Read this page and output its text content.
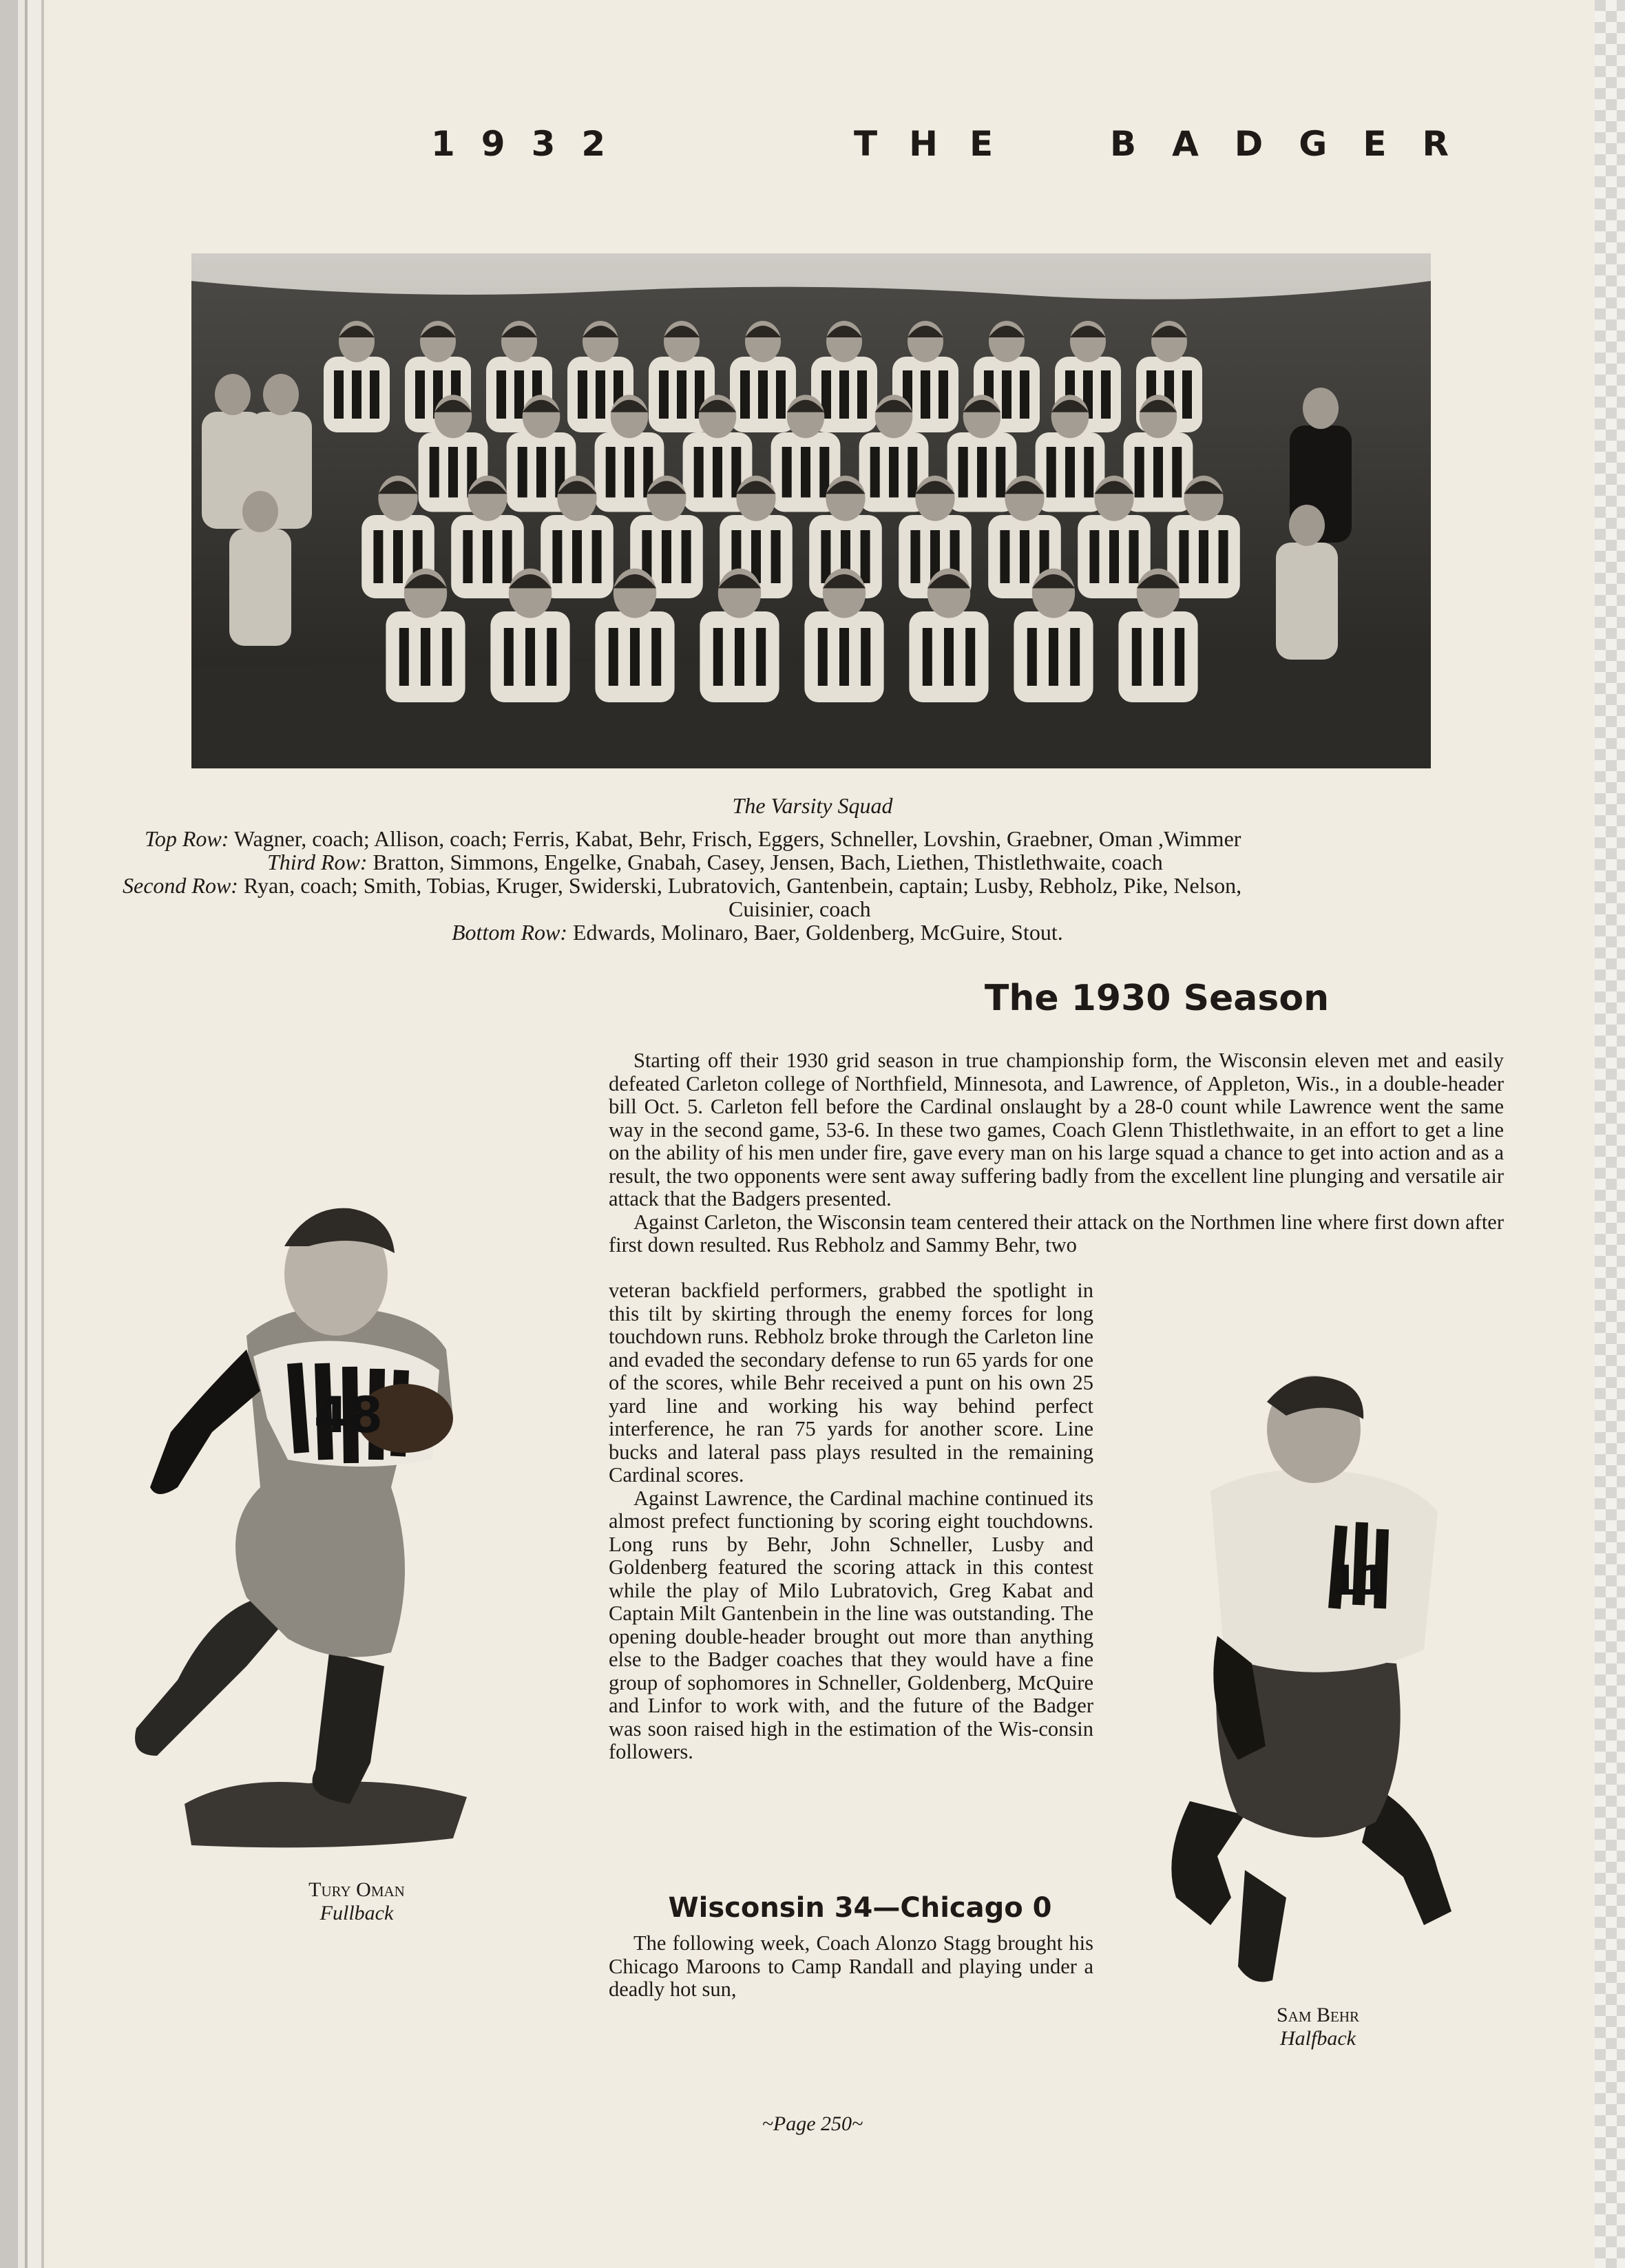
1932	THE BADGER
The Varsity Squad
Top Row: Wagner, coach; Allison, coach; Ferris, Kabat, Behr, Frisch, Eggers, Schneller, Lovshin, Graebner, Oman ,Wimmer
Third Row: Bratton, Simmons, Engelke, Gnabah, Casey, Jensen, Bach, Liethen, Thistlethwaite, coach
Second Row: Ryan, coach; Smith, Tobias, Kruger, Swiderski, Lubratovich, Gantenbein, captain; Lusby, Rebholz, Pike, Nelson,
Cuisinier, coach
Bottom Row: Edwards, Molinaro, Baer, Goldenberg, McGuire, Stout.
The 1930 Season

Starting off their 1930 grid season in true championship form, the Wisconsin eleven met and easily defeated Carleton college of Northfield, Minnesota, and Lawrence, of Appleton, Wis., in a double-header bill Oct. 5. Carleton fell before the Cardinal onslaught by a 28-0 count while Lawrence went the same way in the second game, 53-6. In these two games, Coach Glenn Thistlethwaite, in an effort to get a line on the ability of his men under fire, gave every man on his large squad a chance to get into action and as a result, the two opponents were sent away suffering badly from the excellent line plunging and versatile air attack that the Badgers presented.

Against Carleton, the Wisconsin team centered their attack on the Northmen line where first down after first down resulted. Rus Rebholz and Sammy Behr, two

veteran backfield performers, grabbed the spotlight in this tilt by skirting through the enemy forces for long touchdown runs. Rebholz broke through the Carleton line and evaded the secondary defense to run 65 yards for one of the scores, while Behr received a punt on his own 25 yard line and working his way behind perfect interference, he ran 75 yards for another score. Line bucks and lateral pass plays resulted in the remaining Cardinal scores.

Against Lawrence, the Cardinal machine continued its almost prefect functioning by scoring eight touchdowns. Long runs by Behr, John Schneller, Lusby and Goldenberg featured the scoring attack in this contest while the play of Milo Lubratovich, Greg Kabat and Captain Milt Gantenbein in the line was outstanding. The opening double-header brought out more than anything else to the Badger coaches that they would have a fine group of sophomores in Schneller, Goldenberg, McQuire and Linfor to work with, and the future of the Badger was soon raised high in the estimation of the Wis-consin followers.

Wisconsin 34—Chicago 0

The following week, Coach Alonzo Stagg brought his Chicago Maroons to Camp Randall and playing under a deadly hot sun,

48
Tury Oman
Fullback
11
Sam Behr
Halfback
~Page 250~
